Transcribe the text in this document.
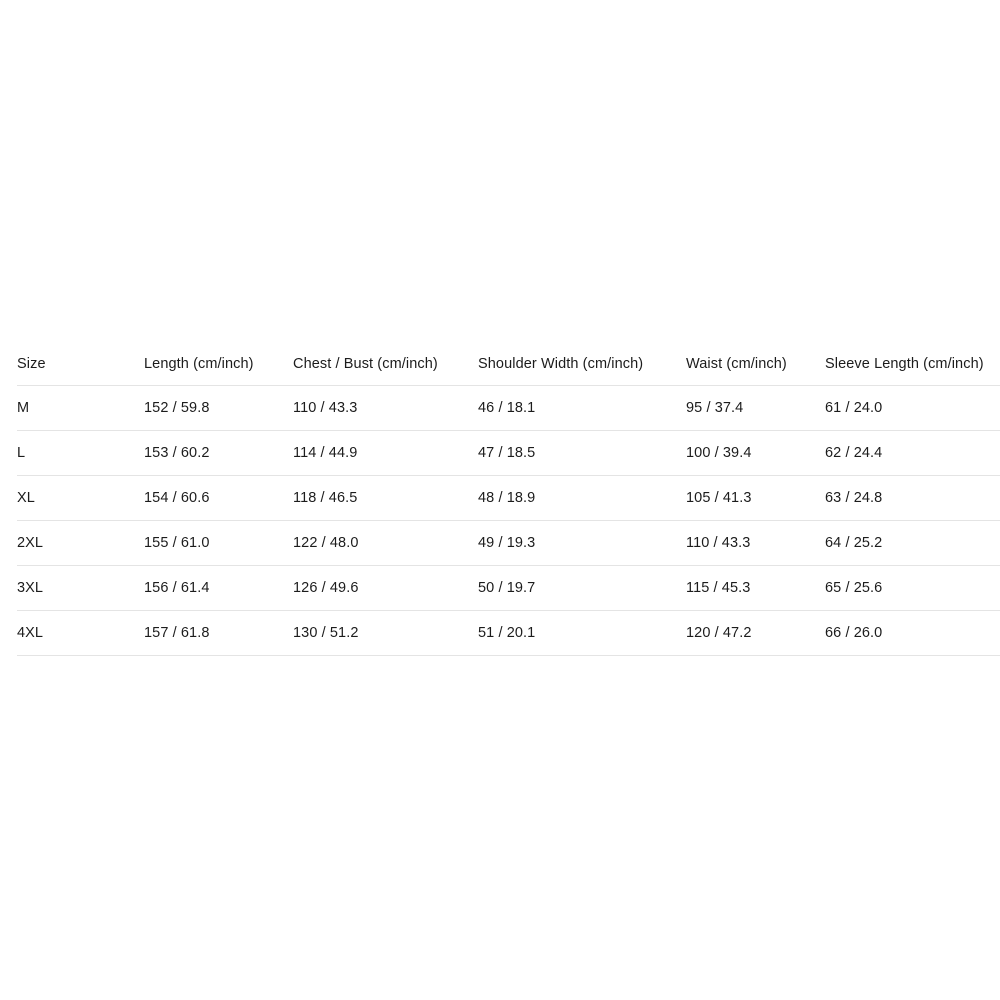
Size	Length (cm/inch)	Chest / Bust (cm/inch)	Shoulder Width (cm/inch)	Waist (cm/inch)	Sleeve Length (cm/inch)
M	152 / 59.8	110 / 43.3	46 / 18.1	95 / 37.4	61 / 24.0
L	153 / 60.2	114 / 44.9	47 / 18.5	100 / 39.4	62 / 24.4
XL	154 / 60.6	118 / 46.5	48 / 18.9	105 / 41.3	63 / 24.8
2XL	155 / 61.0	122 / 48.0	49 / 19.3	110 / 43.3	64 / 25.2
3XL	156 / 61.4	126 / 49.6	50 / 19.7	115 / 45.3	65 / 25.6
4XL	157 / 61.8	130 / 51.2	51 / 20.1	120 / 47.2	66 / 26.0
